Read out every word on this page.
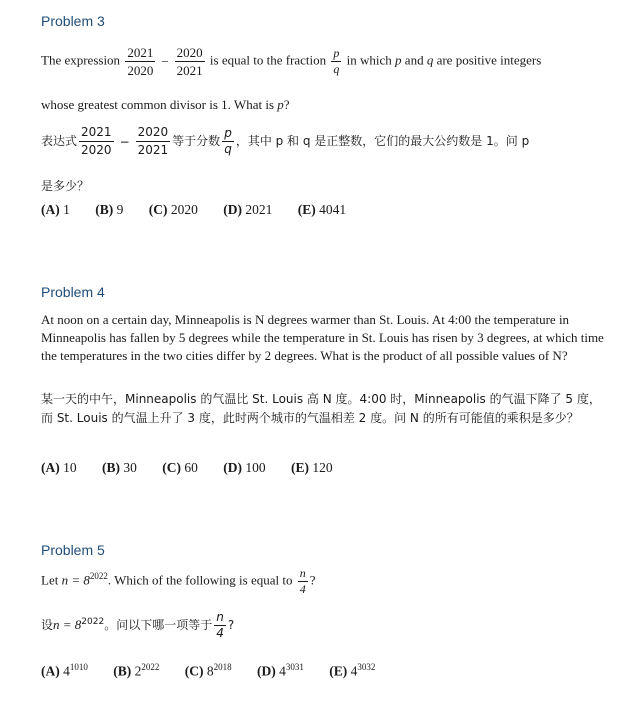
Problem 3
The expression $\frac{2021}{2020} - \frac{2020}{2021}$ is equal to the fraction $\frac{p}{q}$ in which p and q are positive integers
whose greatest common divisor is 1. What is p?
表达式 $\frac{2021}{2020} - \frac{2020}{2021}$ 等于分数 $\frac{p}{q}$ ，其中 p 和 q 是正整数，它们的最大公约数是 1。问 p
是多少？
(A) 1 (B) 9 (C) 2020 (D) 2021 (E) 4041
Problem 4
At noon on a certain day, Minneapolis is N degrees warmer than St. Louis. At 4:00 the temperature in Minneapolis has fallen by 5 degrees while the temperature in St. Louis has risen by 3 degrees, at which time the temperatures in the two cities differ by 2 degrees. What is the product of all possible values of N?
某一天的中午，Minneapolis 的气温比 St. Louis 高 N 度。4:00 时，Minneapolis 的气温下降了 5 度，而 St. Louis 的气温上升了 3 度，此时两个城市的气温相差 2 度。问 N 的所有可能值的乘积是多少？
(A) 10 (B) 30 (C) 60 (D) 100 (E) 120
Problem 5
Let $n = 8^{2022}$. Which of the following is equal to $\frac{n}{4}$ ?
设$n = 8^{2022}$。问以下哪一项等于 $\frac{n}{4}$ ?
(A) $4^{1010}$ (B) $2^{2022}$ (C) $8^{2018}$ (D) $4^{3031}$ (E) $4^{3032}$
